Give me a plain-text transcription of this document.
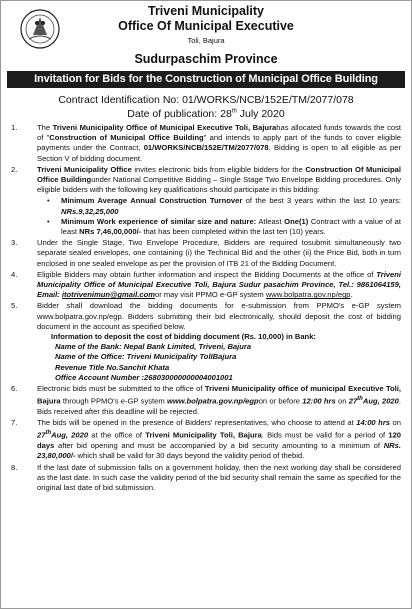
Triveni Municipality
Office Of Municipal Executive
Toli, Bajura
Sudurpaschim Province
Invitation for Bids for the Construction of Municipal Office Building
Contract Identification No: 01/WORKS/NCB/152E/TM/2077/078
Date of publication: 28th July 2020
1.	The Triveni Municipality Office of Municipal Executive Toli, Bajurahas allocated funds towards the cost of "Construction of Municipal Office Building" and intends to apply part of the funds to cover eligible payments under the Contract, 01/WORKS/NCB/152E/TM/2077/078. Bidding is open to all eligible as per Section V of bidding document.
2.	Triveni Municipality Office invites electronic bids from eligible bidders for the Construction Of Municipal Office Buildingunder National Competitive Bidding – Single Stage Two Envelope Bidding procedures. Only eligible bidders with the following key qualifications should participate in this bidding:
• Minimum Average Annual Construction Turnover of the best 3 years within the last 10 years: NRs.9,32,25,000
• Minimum Work experience of similar size and nature: Atleast One(1) Contract with a value of at least NRs 7,46,00,000/- that has been completed within the last ten (10) years.
3.	Under the Single Stage, Two Envelope Procedure, Bidders are required tosubmit simultaneously two separate sealed envelopes, one containing (i) the Technical Bid and the other (ii) the Price Bid, both in turn enclosed in one sealed envelope as per the provision of ITB 21 of the Bidding Document.
4.	Eligible Bidders may obtain further information and inspect the Bidding Documents at the office of Triveni Municipality Office of Municipal Executive Toli, Bajura Sudur pasachim Province, Tel.: 9861064159, Email: itotrivenimun@gmail.comor may visit PPMO e-GP system www.bolpatra.gov.np/egp.
5.	Bidder shall download the bidding documents for e-submission from PPMO's e-GP system www.bolpatra.gov.np/egp. Bidders submitting their bid electronically, should deposit the cost of bidding document in the account as specified below.
Information to deposit the cost of bidding document (Rs. 10,000) in Bank:
Name of the Bank: Nepal Bank Limited, Triveni, Bajura
Name of the Office: Triveni Municipality TolIBajura
Revenue Title No.Sanchit Khata
Office Account Number :268030000000004001001
6.	Electronic bids must be submitted to the office of Triveni Municipality office of municipal Executive Toli, Bajura through PPMO's e-GP system www.bolpatra.gov.np/egpon or before 12:00 hrs on 27thAug, 2020. Bids received after this deadline will be rejected.
7.	The bids will be opened in the presence of Bidders' representatives, who choose to attend at 14:00 hrs on 27thAug, 2020 at the office of Triveni Municipality Toli, Bajura. Bids must be valid for a period of 120 days after bid opening and must be accompanied by a bid security amounting to a minimum of NRs. 23,80,000/- which shall be valid for 30 days beyond the validity period of thebid.
8.	If the last date of submission falls on a government holiday, then the next working day shall be considered as the last date. In such case the validity period of the bid security shall remain the same as specified for the original last date of bid submission.
